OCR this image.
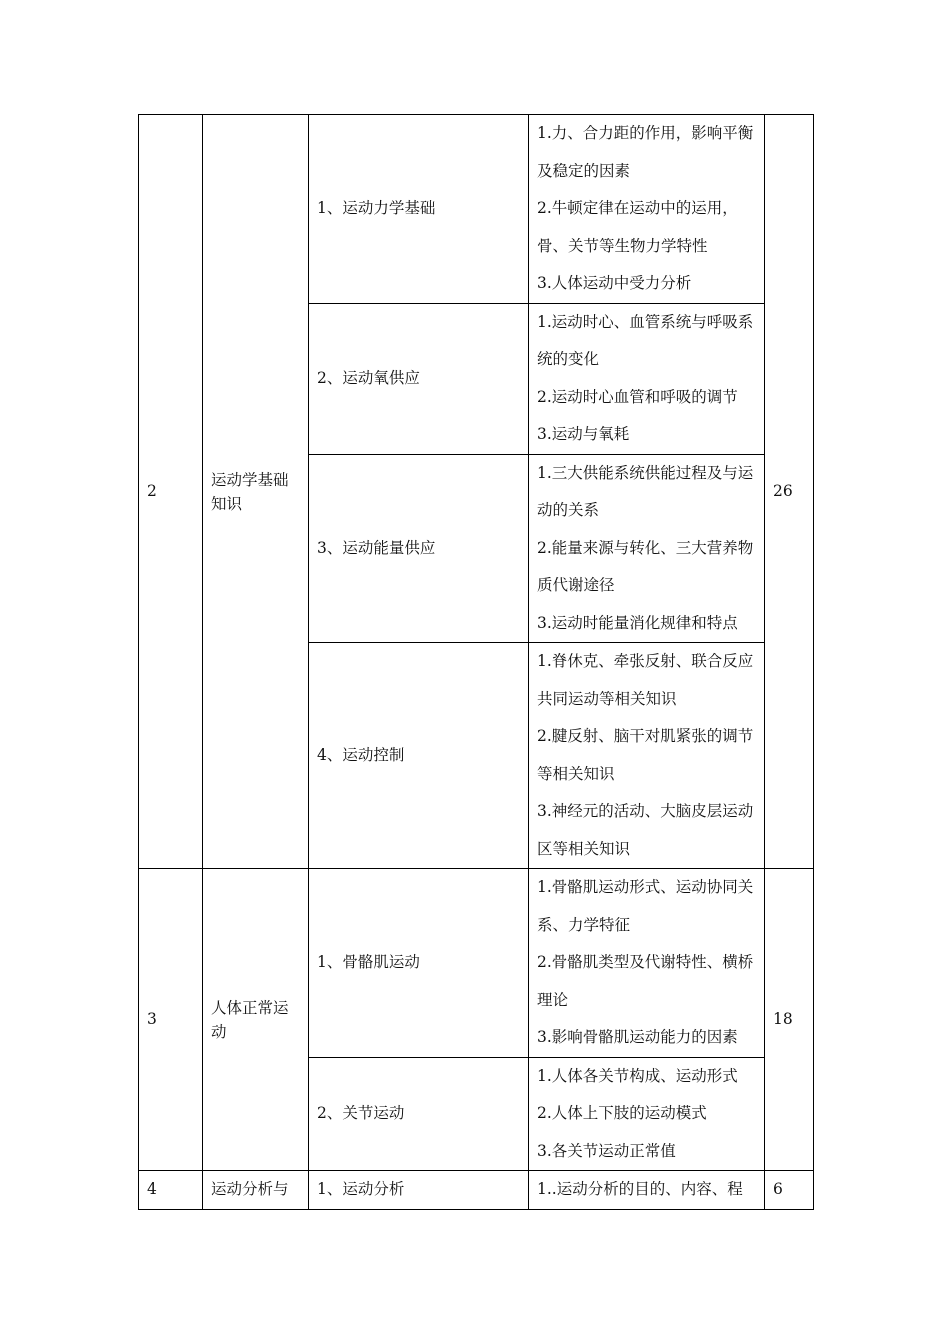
2	运动学基础知识	1、运动力学基础	1.力、合力距的作用，影响平衡及稳定的因素
2.牛顿定律在运动中的运用，骨、关节等生物力学特性
3.人体运动中受力分析	26
		2、运动氧供应	1.运动时心、血管系统与呼吸系统的变化
2.运动时心血管和呼吸的调节
3.运动与氧耗	

		3、运动能量供应	1.三大供能系统供能过程及与运动的关系
2.能量来源与转化、三大营养物质代谢途径
3.运动时能量消化规律和特点	

		4、运动控制	1.脊休克、牵张反射、联合反应共同运动等相关知识
2.腱反射、脑干对肌紧张的调节等相关知识
3.神经元的活动、大脑皮层运动区等相关知识	

3	人体正常运动	1、骨骼肌运动	1.骨骼肌运动形式、运动协同关系、力学特征
2.骨骼肌类型及代谢特性、横桥理论
3.影响骨骼肌运动能力的因素	18
		2、关节运动	1.人体各关节构成、运动形式
2.人体上下肢的运动模式
3.各关节运动正常值	

4	运动分析与	1、运动分析	1..运动分析的目的、内容、程	6
